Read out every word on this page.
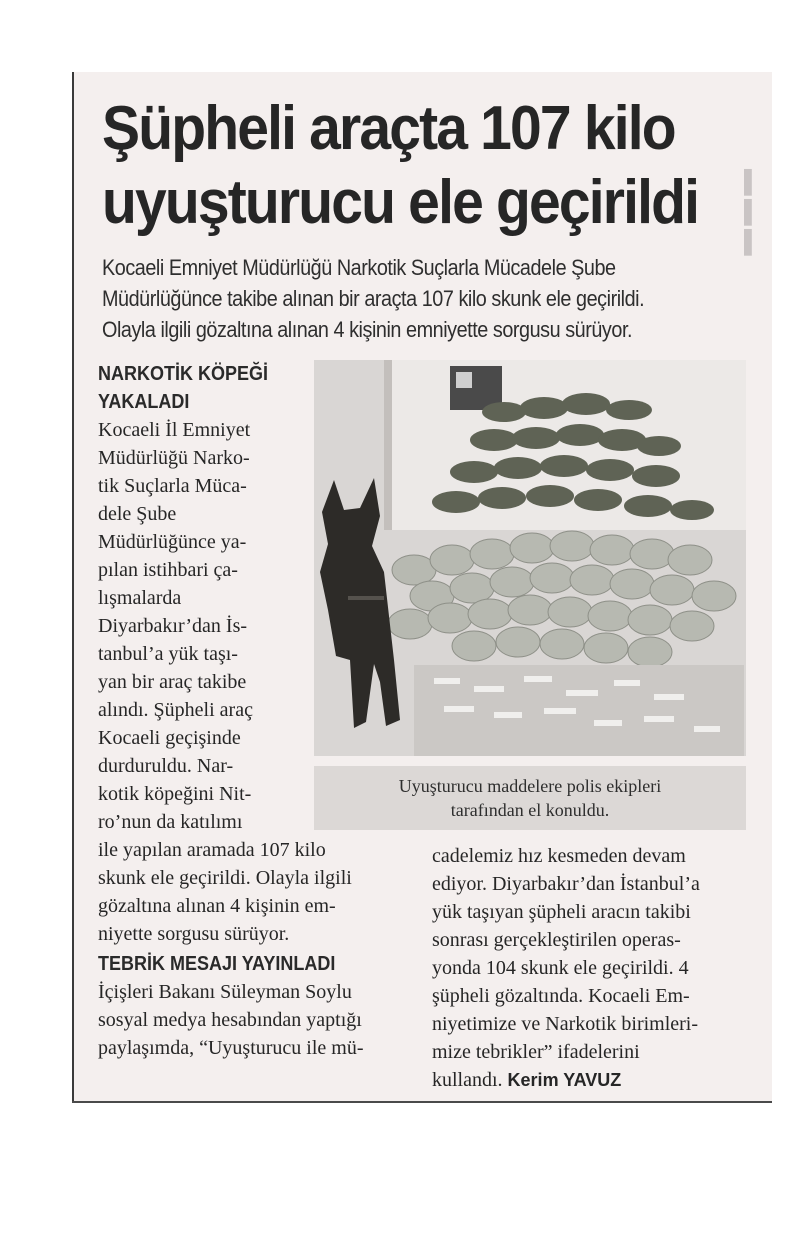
▌
▌
▌
Şüpheli araçta 107 kilo
uyuşturucu ele geçirildi
Kocaeli Emniyet Müdürlüğü Narkotik Suçlarla Mücadele Şube
Müdürlüğünce takibe alınan bir araçta 107 kilo skunk ele geçirildi.
Olayla ilgili gözaltına alınan 4 kişinin emniyette sorgusu sürüyor.
NARKOTİK KÖPEĞİ
YAKALADI

Kocaeli İl Emniyet

Müdürlüğü Narko-

tik Suçlarla Müca-

dele Şube

Müdürlüğünce ya-

pılan istihbari ça-

lışmalarda

Diyarbakır’dan İs-

tanbul’a yük taşı-

yan bir araç takibe

alındı. Şüpheli araç

Kocaeli geçişinde

durduruldu. Nar-

kotik köpeğini Nit-

ro’nun da katılımı

ile yapılan aramada 107 kilo

skunk ele geçirildi. Olayla ilgili

gözaltına alınan 4 kişinin em-

niyette sorgusu sürüyor.

TEBRİK MESAJI YAYINLADI

İçişleri Bakanı Süleyman Soylu

sosyal medya hesabından yaptığı

paylaşımda, “Uyuşturucu ile mü-

Uyuşturucu maddelere polis ekipleri
tarafından el konuldu.

cadelemiz hız kesmeden devam

ediyor. Diyarbakır’dan İstanbul’a

yük taşıyan şüpheli aracın takibi

sonrası gerçekleştirilen operas-

yonda 104 skunk ele geçirildi. 4

şüpheli gözaltında. Kocaeli Em-

niyetimize ve Narkotik birimleri-

mize tebrikler” ifadelerini

kullandı. Kerim YAVUZ
